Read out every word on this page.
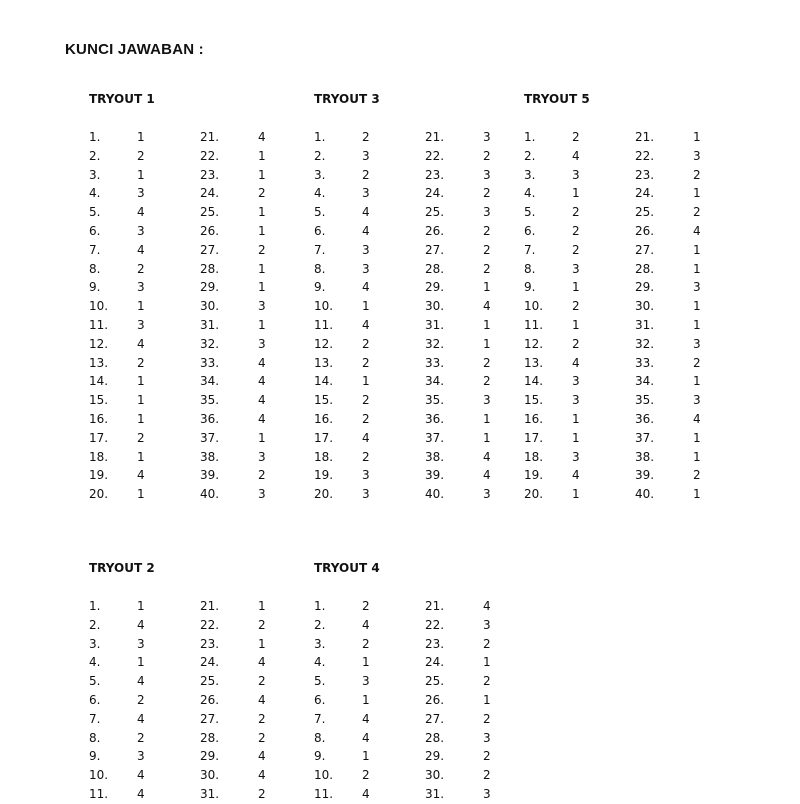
KUNCI JAWABAN :
TRYOUT 1
1.	1	21.	4
2.	2	22.	1
3.	1	23.	1
4.	3	24.	2
5.	4	25.	1
6.	3	26.	1
7.	4	27.	2
8.	2	28.	1
9.	3	29.	1
10. 1	30.	3
11. 3	31.	1
12. 4	32.	3
13. 2	33.	4
14. 1	34.	4
15. 1	35.	4
16. 1	36.	4
17. 2	37.	1
18. 1	38.	3
19. 4	39.	2
20. 1	40.	3
TRYOUT 3
1.	2	21.	3
2.	3	22.	2
3.	2	23.	3
4.	3	24.	2
5.	4	25.	3
6.	4	26.	2
7.	3	27.	2
8.	3	28.	2
9.	4	29.	1
10. 1	30.	4
11. 4	31.	1
12. 2	32.	1
13. 2	33.	2
14. 1	34.	2
15. 2	35.	3
16. 2	36.	1
17. 4	37.	1
18. 2	38.	4
19. 3	39.	4
20. 3	40.	3
TRYOUT 5
1.	2	21.	1
2.	4	22.	3
3.	3	23.	2
4.	1	24.	1
5.	2	25.	2
6.	2	26.	4
7.	2	27.	1
8.	3	28.	1
9.	1	29.	3
10. 2	30.	1
11. 1	31.	1
12. 2	32.	3
13. 4	33.	2
14. 3	34.	1
15. 3	35.	3
16. 1	36.	4
17. 1	37.	1
18. 3	38.	1
19. 4	39.	2
20. 1	40.	1
TRYOUT 2
1.	1	21.	1
2.	4	22.	2
3.	3	23.	1
4.	1	24.	4
5.	4	25.	2
6.	2	26.	4
7.	4	27.	2
8.	2	28.	2
9.	3	29.	4
10. 4	30.	4
11. 4	31.	2
TRYOUT 4
1.	2	21.	4
2.	4	22.	3
3.	2	23.	2
4.	1	24.	1
5.	3	25.	2
6.	1	26.	1
7.	4	27.	2
8.	4	28.	3
9.	1	29.	2
10. 2	30.	2
11. 4	31.	3
